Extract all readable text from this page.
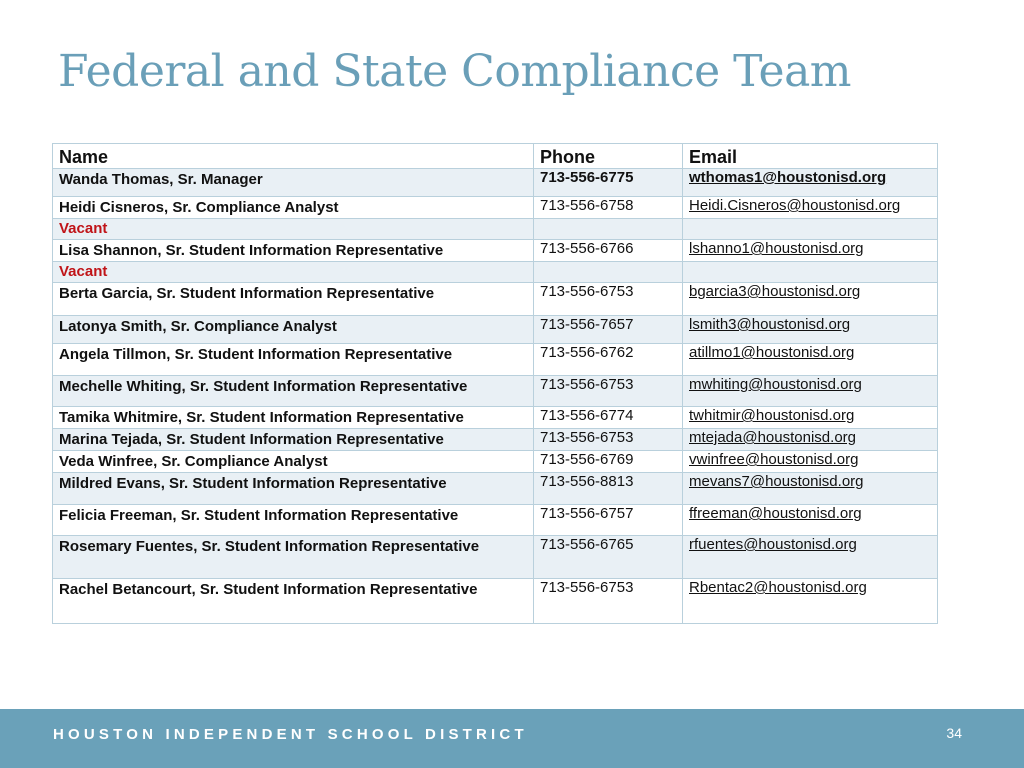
Federal and State Compliance Team
Name	Phone	Email
Wanda Thomas, Sr. Manager	713-556-6775	wthomas1@houstonisd.org
Heidi Cisneros, Sr. Compliance Analyst	713-556-6758	Heidi.Cisneros@houstonisd.org
Vacant		
Lisa Shannon, Sr. Student Information Representative	713-556-6766	lshanno1@houstonisd.org
Vacant		
Berta Garcia, Sr. Student Information Representative	713-556-6753	bgarcia3@houstonisd.org
Latonya Smith, Sr. Compliance Analyst	713-556-7657	lsmith3@houstonisd.org
Angela Tillmon, Sr. Student Information Representative	713-556-6762	atillmo1@houstonisd.org
Mechelle Whiting, Sr. Student Information Representative	713-556-6753	mwhiting@houstonisd.org
Tamika Whitmire, Sr. Student Information Representative	713-556-6774	twhitmir@houstonisd.org
Marina Tejada, Sr. Student Information Representative	713-556-6753	mtejada@houstonisd.org
Veda Winfree, Sr. Compliance Analyst	713-556-6769	vwinfree@houstonisd.org
Mildred Evans, Sr. Student Information Representative	713-556-8813	mevans7@houstonisd.org
Felicia Freeman, Sr. Student Information Representative	713-556-6757	ffreeman@houstonisd.org
Rosemary Fuentes, Sr. Student Information Representative	713-556-6765	rfuentes@houstonisd.org
Rachel Betancourt, Sr. Student Information Representative	713-556-6753	Rbentac2@houstonisd.org
HOUSTON INDEPENDENT SCHOOL DISTRICT	34
